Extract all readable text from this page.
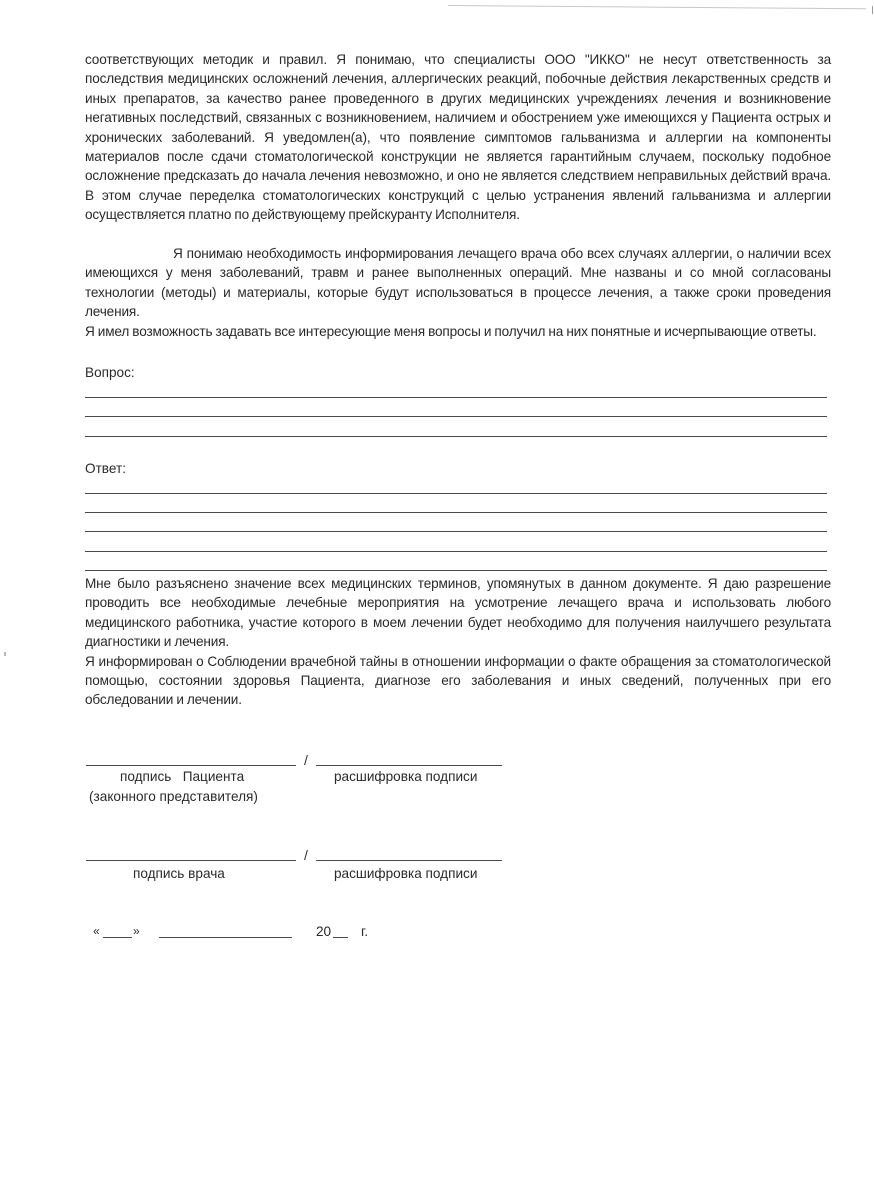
соответствующих методик и правил. Я понимаю, что специалисты ООО "ИККО" не несут ответственность за последствия медицинских осложнений лечения, аллергических реакций, побочные действия лекарственных средств и иных препаратов, за качество ранее проведенного в других медицинских учреждениях лечения и возникновение негативных последствий, связанных с возникновением, наличием и обострением уже имеющихся у Пациента острых и хронических заболеваний. Я уведомлен(а), что появление симптомов гальванизма и аллергии на компоненты материалов после сдачи стоматологической конструкции не является гарантийным случаем, поскольку подобное осложнение предсказать до начала лечения невозможно, и оно не является следствием неправильных действий врача. В этом случае переделка стоматологических конструкций с целью устранения явлений гальванизма и аллергии осуществляется платно по действующему прейскуранту Исполнителя.

Я понимаю необходимость информирования лечащего врача обо всех случаях аллергии, о наличии всех имеющихся у меня заболеваний, травм и ранее выполненных операций. Мне названы и со мной согласованы технологии (методы) и материалы, которые будут использоваться в процессе лечения, а также сроки проведения лечения.

Я имел возможность задавать все интересующие меня вопросы и получил на них понятные и исчерпывающие ответы.

Вопрос:
Ответ:

Мне было разъяснено значение всех медицинских терминов, упомянутых в данном документе. Я даю разрешение проводить все необходимые лечебные мероприятия на усмотрение лечащего врача и использовать любого медицинского работника, участие которого в моем лечении будет необходимо для получения наилучшего результата диагностики и лечения.

Я информирован о Соблюдении врачебной тайны в отношении информации о факте обращения за стоматологической помощью, состоянии здоровья Пациента, диагнозе его заболевания и иных сведений, полученных при его обследовании и лечении.

/
подпись   Пациента
(законного представителя)
расшифровка подписи
/
подпись врача	расшифровка подписи
«	»	20 г.
